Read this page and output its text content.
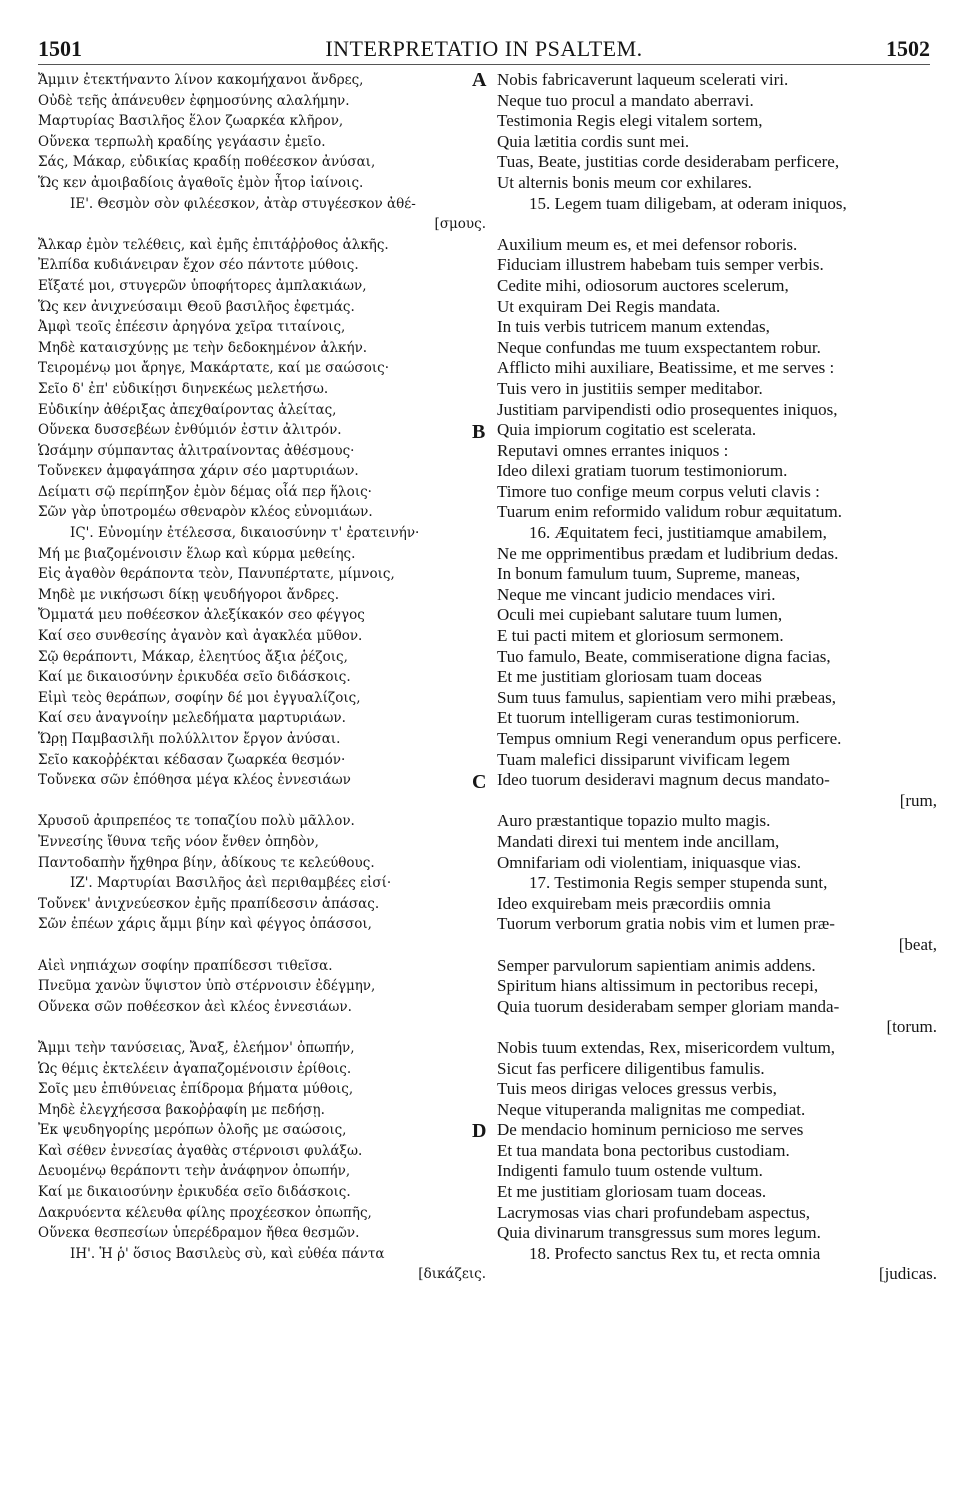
1501	INTERPRETATIO IN PSALTEM.	1502
Ἄμμιν ἐτεκτήναντο λίνον κακομήχανοι ἄνδρες,
Οὐδὲ τεῆς ἀπάνευθεν ἐφημοσύνης αλαλήμην.
Μαρτυρίας Βασιλῆος ἕλον ζωαρκέα κλῆρον,
Οὕνεκα τερπωλὴ κραδίης γεγάασιν ἐμεῖο.
Σάς, Μάκαρ, εὐδικίας κραδίῃ ποθέεσκον ἀνύσαι,
Ὥς κεν ἀμοιβαδίοις ἀγαθοῖς ἐμὸν ἦτορ ἰαίνοις.
ΙΕ'. Θεσμὸν σὸν φιλέεσκον, ἀτὰρ στυγέεσκον ἀθέ-
[σμους.
Ἄλκαρ ἐμὸν τελέθεις, καὶ ἐμῆς ἐπιτάῤῥοθος ἀλκῆς.
Ἐλπίδα κυδιάνειραν ἔχον σέο πάντοτε μύθοις.
Εἴξατέ μοι, στυγερῶν ὑποφήτορες ἀμπλακιάων,
Ὥς κεν ἀνιχνεύσαιμι Θεοῦ βασιλῆος ἐφετμάς.
Ἀμφὶ τεοῖς ἐπέεσιν ἀρηγόνα χεῖρα τιταίνοις,
Μηδὲ καταισχύνῃς με τεὴν δεδοκημένον ἀλκήν.
Τειρομένῳ μοι ἄρηγε, Μακάρτατε, καί με σαώσοις·
Σεῖο δ' ἐπ' εὐδικίῃσι διηνεκέως μελετήσω.
Εὐδικίην ἀθέριξας ἀπεχθαίροντας ἀλείτας,
Οὕνεκα δυσσεβέων ἐνθύμιόν ἐστιν ἀλιτρόν.
Ὡσάμην σύμπαντας ἀλιτραίνοντας ἀθέσμους·
Τοὔνεκεν ἀμφαγάπησα χάριν σέο μαρτυριάων.
Δείματι σῷ περίπηξον ἐμὸν δέμας οἷά περ ἥλοις·
Σῶν γὰρ ὑποτρομέω σθεναρὸν κλέος εὐνομιάων.
ΙϚ'. Εὐνομίην ἐτέλεσσα, δικαιοσύνην τ' ἐρατεινήν·
Μή με βιαζομένοισιν ἕλωρ καὶ κύρμα μεθείης.
Εἰς ἀγαθὸν θεράποντα τεὸν, Πανυπέρτατε, μίμνοις,
Μηδὲ με νικήσωσι δίκῃ ψευδήγοροι ἄνδρες.
Ὄμματά μευ ποθέεσκον ἀλεξίκακόν σεο φέγγος
Καί σεο συνθεσίης ἀγανὸν καὶ ἀγακλέα μῦθον.
Σῷ θεράποντι, Μάκαρ, ἐλεητύος ἄξια ῥέζοις,
Καί με δικαιοσύνην ἐρικυδέα σεῖο διδάσκοις.
Εἰμὶ τεὸς θεράπων, σοφίην δέ μοι ἐγγυαλίζοις,
Καί σευ ἀναγνοίην μελεδήματα μαρτυριάων.
Ὥρῃ Παμβασιλῆι πολύλλιτον ἔργον ἀνύσαι.
Σεῖο κακοῤῥέκται κέδασαν ζωαρκέα θεσμόν·
Τοὔνεκα σῶν ἐπόθησα μέγα κλέος ἐννεσιάων
Χρυσοῦ ἀριπρεπέος τε τοπαζίου πολὺ μᾶλλον.
Ἐννεσίης ἴθυνα τεῆς νόον ἔνθεν ὀπηδὸν,
Παντοδαπὴν ἤχθηρα βίην, ἀδίκους τε κελεύθους.
ΙΖ'. Μαρτυρίαι Βασιλῆος ἀεὶ περιθαμβέες εἰσί·
Τοὔνεκ' ἀνιχνεύεσκον ἐμῆς πραπίδεσσιν ἁπάσας.
Σῶν ἐπέων χάρις ἄμμι βίην καὶ φέγγος ὀπάσσοι,
Αἰεὶ νηπιάχων σοφίην πραπίδεσσι τιθεῖσα.
Πνεῦμα χανὼν ὕψιστον ὑπὸ στέρνοισιν ἐδέγμην,
Οὕνεκα σῶν ποθέεσκον ἀεὶ κλέος ἐννεσιάων.
Ἄμμι τεὴν τανύσειας, Ἄναξ, ἐλεήμον' ὀπωπήν,
Ὡς θέμις ἐκτελέειν ἀγαπαζομένοισιν ἐρίθοις.
Σοῖς μευ ἐπιθύνειας ἐπίδρομα βήματα μύθοις,
Μηδὲ ἐλεγχήεσσα βακοῤῥαφίη με πεδήσῃ.
Ἐκ ψευδηγορίης μερόπων ὀλοῆς με σαώσοις,
Καὶ σέθεν ἐννεσίας ἀγαθὰς στέρνοισι φυλάξω.
Δευομένῳ θεράποντι τεὴν ἀνάφηνον ὀπωπήν,
Καί με δικαιοσύνην ἐρικυδέα σεῖο διδάσκοις.
Δακρυόεντα κέλευθα φίλης προχέεσκον ὀπωπῆς,
Οὕνεκα θεσπεσίων ὑπερέδραμον ἤθεα θεσμῶν.
ΙΗ'. Ἡ ῥ' ὅσιος Βασιλεὺς σὺ, καὶ εὐθέα πάντα
[δικάζεις.
Nobis fabricaverunt laqueum scelerati viri.
Neque tuo procul a mandato aberravi.
Testimonia Regis elegi vitalem sortem,
Quia lætitia cordis sunt mei.
Tuas, Beate, justitias corde desiderabam perficere,
Ut alternis bonis meum cor exhilares.
15. Legem tuam diligebam, at oderam iniquos,
Auxilium meum es, et mei defensor roboris.
Fiduciam illustrem habebam tuis semper verbis.
Cedite mihi, odiosorum auctores scelerum,
Ut exquiram Dei Regis mandata.
In tuis verbis tutricem manum extendas,
Neque confundas me tuum exspectantem robur.
Afflicto mihi auxiliare, Beatissime, et me serves :
Tuis vero in justitiis semper meditabor.
Justitiam parvipendisti odio prosequentes iniquos,
Quia impiorum cogitatio est scelerata.
Reputavi omnes errantes iniquos :
Ideo dilexi gratiam tuorum testimoniorum.
Timore tuo confige meum corpus veluti clavis :
Tuarum enim reformido validum robur æquitatum.
16. Æquitatem feci, justitiamque amabilem,
Ne me opprimentibus prædam et ludibrium dedas.
In bonum famulum tuum, Supreme, maneas,
Neque me vincant judicio mendaces viri.
Oculi mei cupiebant salutare tuum lumen,
E tui pacti mitem et gloriosum sermonem.
Tuo famulo, Beate, commiseratione digna facias,
Et me justitiam gloriosam tuam doceas
Sum tuus famulus, sapientiam vero mihi præbeas,
Et tuorum intelligeram curas testimoniorum.
Tempus omnium Regi venerandum opus perficere.
Tuam malefici dissiparunt vivificam legem
Ideo tuorum desideravi magnum decus mandato-
[rum,
Auro præstantique topazio multo magis.
Mandati direxi tui mentem inde ancillam,
Omnifariam odi violentiam, iniquasque vias.
17. Testimonia Regis semper stupenda sunt,
Ideo exquirebam meis præcordiis omnia
Tuorum verborum gratia nobis vim et lumen præ-
[beat,
Semper parvulorum sapientiam animis addens.
Spiritum hians altissimum in pectoribus recepi,
Quia tuorum desiderabam semper gloriam manda-
[torum.
Nobis tuum extendas, Rex, misericordem vultum,
Sicut fas perficere diligentibus famulis.
Tuis meos dirigas veloces gressus verbis,
Neque vituperanda malignitas me compediat.
De mendacio hominum pernicioso me serves
Et tua mandata bona pectoribus custodiam.
Indigenti famulo tuum ostende vultum.
Et me justitiam gloriosam tuam doceas.
Lacrymosas vias chari profundebam aspectus,
Quia divinarum transgressus sum mores legum.
18. Profecto sanctus Rex tu, et recta omnia
[judicas.
A
B
C
D
